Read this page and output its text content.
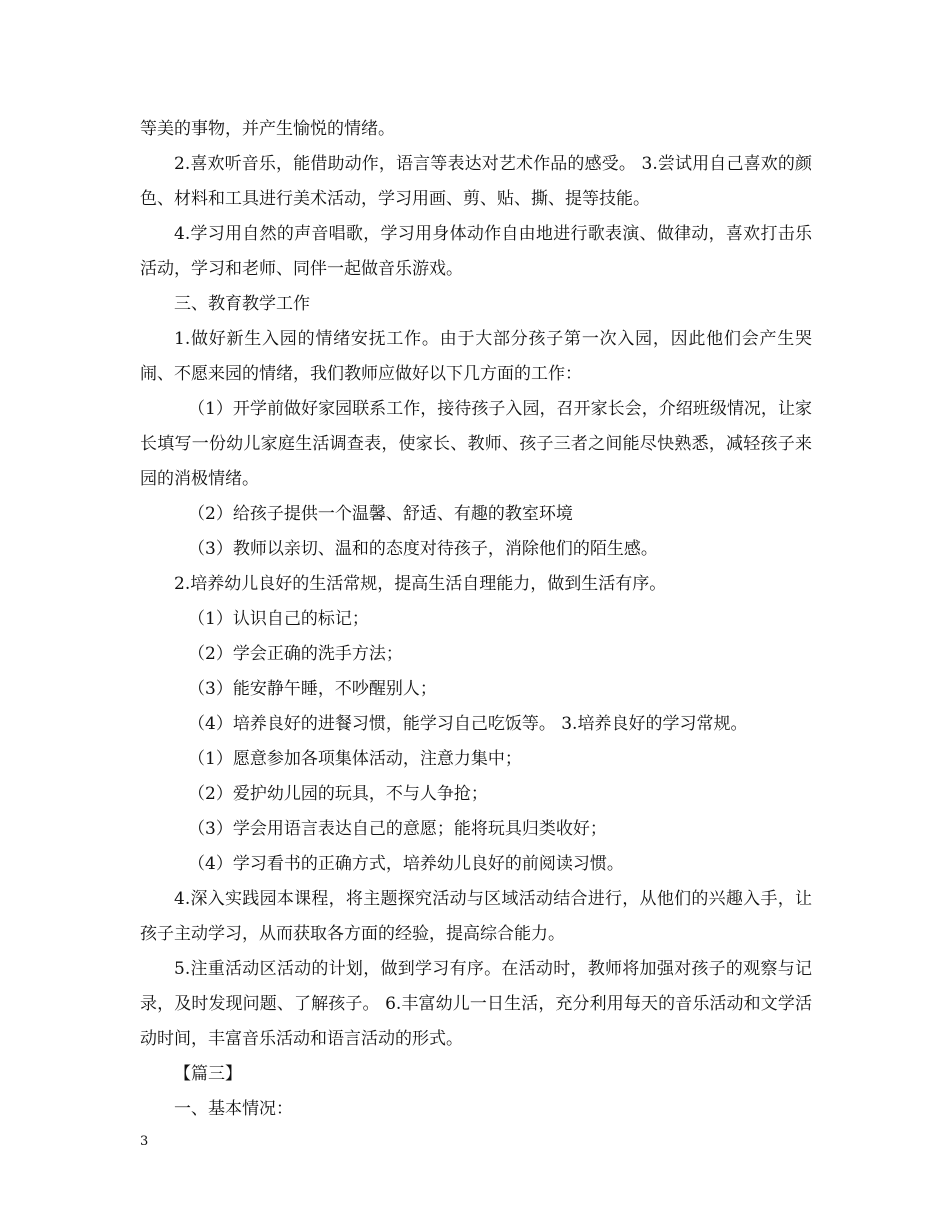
等美的事物，并产生愉悦的情绪。

2.喜欢听音乐，能借助动作，语言等表达对艺术作品的感受。 3.尝试用自己喜欢的颜色、材料和工具进行美术活动，学习用画、剪、贴、撕、提等技能。

4.学习用自然的声音唱歌，学习用身体动作自由地进行歌表演、做律动，喜欢打击乐活动，学习和老师、同伴一起做音乐游戏。

三、教育教学工作

1.做好新生入园的情绪安抚工作。由于大部分孩子第一次入园，因此他们会产生哭闹、不愿来园的情绪，我们教师应做好以下几方面的工作：

（1）开学前做好家园联系工作，接待孩子入园，召开家长会，介绍班级情况，让家长填写一份幼儿家庭生活调查表，使家长、教师、孩子三者之间能尽快熟悉，减轻孩子来园的消极情绪。

（2）给孩子提供一个温馨、舒适、有趣的教室环境

（3）教师以亲切、温和的态度对待孩子，消除他们的陌生感。

2.培养幼儿良好的生活常规，提高生活自理能力，做到生活有序。

（1）认识自己的标记；

（2）学会正确的洗手方法；

（3）能安静午睡，不吵醒别人；

（4）培养良好的进餐习惯，能学习自己吃饭等。 3.培养良好的学习常规。

（1）愿意参加各项集体活动，注意力集中；

（2）爱护幼儿园的玩具，不与人争抢；

（3）学会用语言表达自己的意愿；能将玩具归类收好；

（4）学习看书的正确方式，培养幼儿良好的前阅读习惯。

4.深入实践园本课程，将主题探究活动与区域活动结合进行，从他们的兴趣入手，让孩子主动学习，从而获取各方面的经验，提高综合能力。

5.注重活动区活动的计划，做到学习有序。在活动时，教师将加强对孩子的观察与记录，及时发现问题、了解孩子。 6.丰富幼儿一日生活，充分利用每天的音乐活动和文学活动时间，丰富音乐活动和语言活动的形式。

【篇三】

一、基本情况：

3
